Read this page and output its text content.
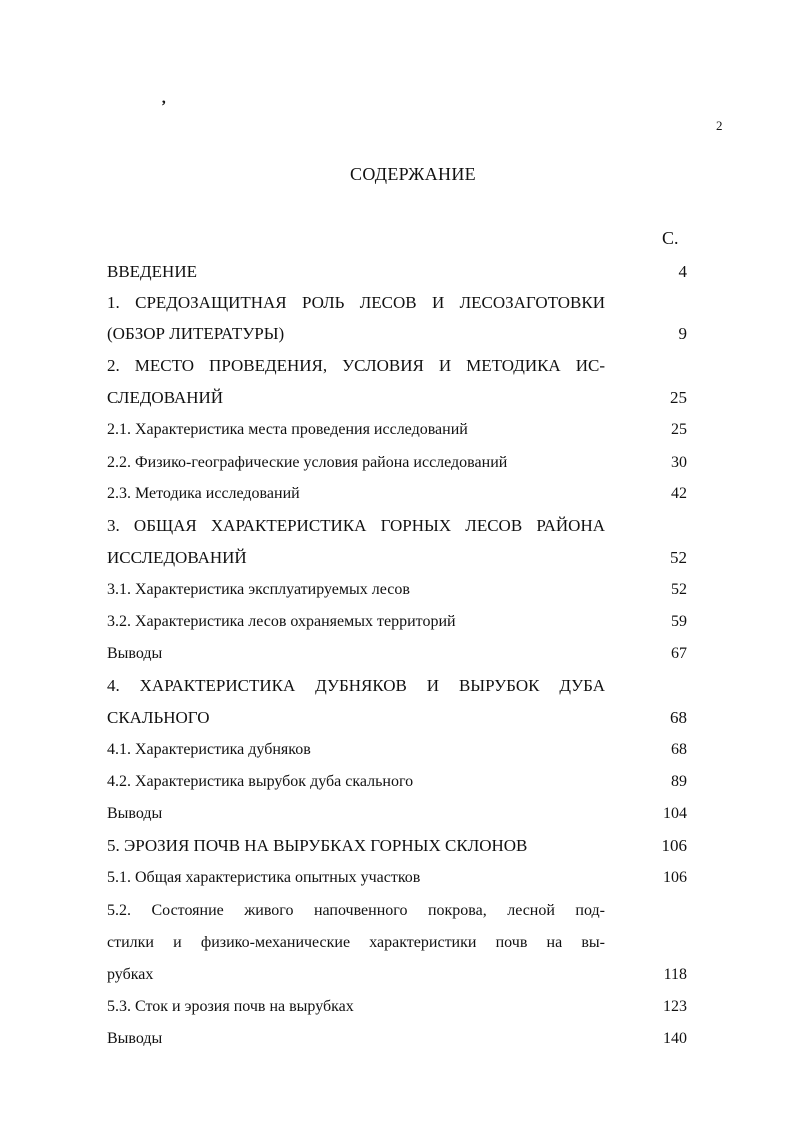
ʼ
2
СОДЕРЖАНИЕ
С.
ВВЕДЕНИЕ	4
1. СРЕДОЗАЩИТНАЯ РОЛЬ ЛЕСОВ И ЛЕСОЗАГОТОВКИ
(ОБЗОР ЛИТЕРАТУРЫ)	9
2. МЕСТО ПРОВЕДЕНИЯ, УСЛОВИЯ И МЕТОДИКА ИС-
СЛЕДОВАНИЙ	25
2.1. Характеристика места проведения исследований	25
2.2. Физико-географические условия района исследований	30
2.3. Методика исследований	42
3. ОБЩАЯ ХАРАКТЕРИСТИКА ГОРНЫХ ЛЕСОВ РАЙОНА
ИССЛЕДОВАНИЙ	52
3.1. Характеристика эксплуатируемых лесов	52
3.2. Характеристика лесов охраняемых территорий	59
Выводы	67
4. ХАРАКТЕРИСТИКА ДУБНЯКОВ И ВЫРУБОК ДУБА
СКАЛЬНОГО	68
4.1. Характеристика дубняков	68
4.2. Характеристика вырубок дуба скального	89
Выводы	104
5. ЭРОЗИЯ ПОЧВ НА ВЫРУБКАХ ГОРНЫХ СКЛОНОВ	106
5.1. Общая характеристика опытных участков	106
5.2. Состояние живого напочвенного покрова, лесной под-
стилки и физико-механические характеристики почв на вы-
рубках	118
5.3. Сток и эрозия почв на вырубках	123
Выводы	140
